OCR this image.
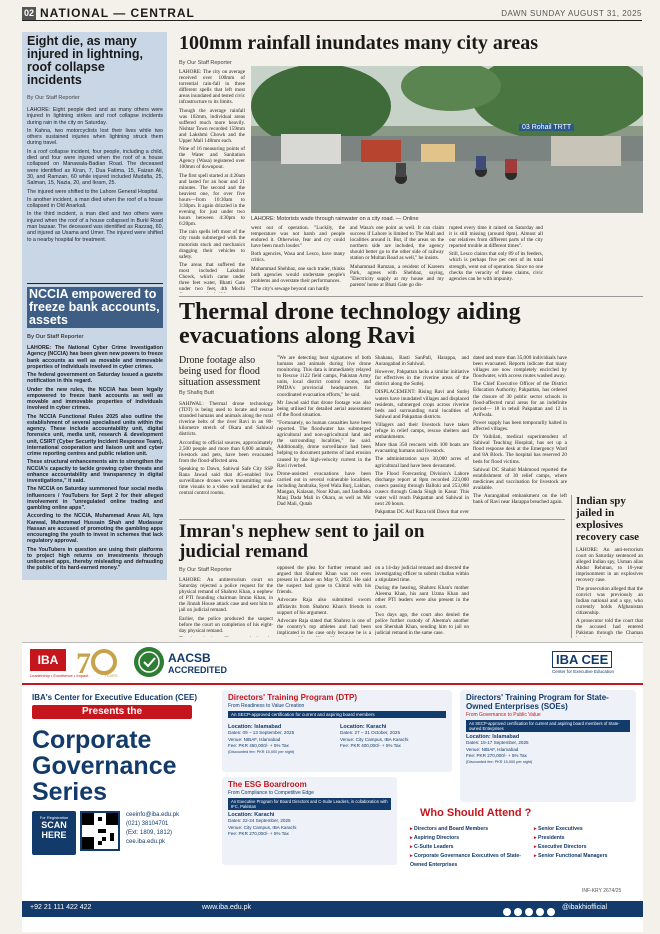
02 NATIONAL — CENTRAL	DAWN SUNDAY AUGUST 31, 2025
Eight die, as many injured in lightning, roof collapse incidents
By Our Staff Reporter

LAHORE: Eight people died and as many others were injured in lightning strikes and roof collapse incidents during rain in the city on Saturday.

In Kahna, two motorcyclists lost their lives while two others sustained injuries when lightning struck them during travel.

In a roof collapse incident, four people, including a child, died and four were injured when the roof of a house collapsed on Manawala-Badian Road. The deceased were identified as Kiran, 7, Dua Fatima, 15, Faizan Ali, 30, and Ramzan, 60 while injured included Mudafia, 25, Salman, 15, Nazia, 20, and Ikram, 25.

The injured were shifted to the Lahore General Hospital.

In another incident, a man died when the roof of a house collapsed in Old Anarkali.

In the third incident, a man died and two others were injured when the roof of a house collapsed in Burki Road man bazaar. The deceased was identified as Razzaq, 60, and injured as Usama and Umer. The injured were shifted to a nearby hospital for treatment.

NCCIA empowered to freeze bank accounts, assets
By Our Staff Reporter

LAHORE: The National Cyber Crime Investigation Agency (NCCIA) has been given new powers to freeze bank accounts as well as movable and immovable properties of individuals involved in cyber crimes.

The federal government on Saturday issued a gazette notification in this regard.

Under the new rules, the NCCIA has been legally empowered to freeze bank accounts as well as movable and immovable properties of individuals involved in cyber crimes.

The NCCIA Functional Rules 2025 also outline the establishment of several specialised units within the agency. These include accountability unit, digital forensics unit, media unit, research & development unit, CSIRT (Cyber Security Incident Response Team), international cooperation and liaison unit and cyber crime reporting centres and public relation unit.

These structural enhancements aim to strengthen the NCCIA's capacity to tackle growing cyber threats and enhance accountability and transparency in digital investigations," it said.

The NCCIA on Saturday summoned four social media influencers / YouTubers for Sept 2 for their alleged involvement in "unregulated online trading and gambling online apps".

According to the NCCIA, Muhammad Anas Ali, Iqra Kanwal, Muhammad Hussain Shah and Mudassar Hassan are accused of promoting the gambling apps encouraging the youth to invest in schemes that lack regulatory approval.

The YouTubers in question are using their platforms to project high returns on investments through unlicensed apps, thereby misleading and defrauding the public of its hard-earned money."

100mm rainfall inundates many city areas
By Our Staff Reporter

LAHORE: The city on average received over 100mm of torrential rain-fall in three different spells that left most areas inundated and tested civic infrastructure to its limits.

Though the average rainfall was 102mm, individual areas suffered much more heavily. Nishtar Town recorded 159mm and Lakshmi Chowk and the Upper Mall 148mm each.

Nine of 16 measuring points of the Water and Sanitation Agency (Wasa) registered over 100mm of downpour.

The first spell started at 4:20am and lasted for an hour and 21 minutes. The second and the heaviest one, for over five hours—from 10:30am to 3:30pm. It again drizzled in the evening for just under two hours between 4:30pm to 6:20pm.

The rain spells left most of the city roads submerged with the motorists stuck and mechanics dragging their vehicles to safety.

The areas that suffered the most included Lakshmi Chowk, which came under three feet water, Bhatti Gate under two feet, 4th Mochi

03 Rohail TRTT
LAHORE: Motorists wade through rainwater on a city road. — Online

went out of operation. "Luckily, the temperature was not harsh and people endured it. Otherwise, fear and cry could have been much louder."

Both agencies, Wasa and Lesco, have many critics.

Muhammad Shehbaz, one such trader, thinks both agencies would understate people's problems and overstate their performances.

"The city's sewage beyond can hardly

and Wasa's one point as well. It can claim success if Lahore is limited to The Mall and localities around it. But, if the areas on the northern side are included, the agency should better go to the other side of railway station or Multan Road as well," he insists.

Muhammad Ramzan, a resident of Kareem Park, agrees with Shehbaz, saying, "Electricity supply at my house and my parents' home at Bhati Gate go dis-

rupted every time it rained on Saturday and it is still missing (around 8pm). Almost all our relatives from different parts of the city reported trouble at different times".

Still, Lesco claims that only 89 of its feeders, which is perhaps five per cent of its total strength, went out of operation. Since no one checks the veracity of these claims, civic agencies can be with impunity.

Thermal drone technology aiding evacuations along Ravi
Drone footage also being used for flood situation assessment
By Shafiq Butt

SAHIWAL: Thermal drone technology (TDT) is being used to locate and rescue stranded humans and animals along the rural riverine belts of the river Ravi in an 80-kilometre stretch of Okara and Sahiwal districts.

According to official sources, approximately 2,500 people and more than 6,000 animals, livestock and pets, have been evacuated from the flood-affected area.

Speaking to Dawn, Sahiwal Safe City SSP Rana Jawad said that 4G-enabled live surveillance drones were transmitting real-time visuals to a video wall installed at the central control rooms.

"We are detecting heat signatures of both humans and animals during live drone monitoring. This data is immediately relayed to Rescue 1122 field camps, Pakistan Army units, local district control rooms, and PMDA's provincial headquarters for coordinated evacuation efforts," he said.

Mr Jawad said that drone footage was also being utilised for detailed aerial assessment of the flood situation.

"Fortunately, no human casualties have been reported. The floodwater has submerged agricultural and non-agricultural land and the surrounding localities," he said. Additionally, drone surveillance had been helping to document patterns of land erosion caused by the high-velocity current in the Ravi riverbed.

Drone-assisted evacuations have been carried out in several vulnerable localities, including Jandraka, Syed Wala Burj, Lakhan, Mangan, Kalasan, Noor Khan, and Jandhoka Mauj Dada Mali in Okara, as well as Mir Dad Mali, Qutab

Shahana, Basti SanPall, Harappa, and Aurangabad in Sahiwal.

However, Pakpattan lacks a similar initiative for effectives in the riverine areas of the district along the Sutlej.

DISPLACEMENT: Rising Ravi and Sutlej waters have inundated villages and displaced residents, submerged crops across riverine beds and surrounding rural localities of Sahiwal and Pakpattan districts.

Villagers and their livestock have taken refuge in relief camps, rescue shelters and embankments.

More than 350 rescuers with 100 boats are evacuating humans and livestock.

The administration says 30,000 acres of agricultural land have been devastated.

The Flood Forecasting Division's Lahore discharge report at 8pm recorded 223,000 cusecs passing through Balloki and 253,068 cusecs through Ganda Singh in Kasur. This water will reach Pakpattan and Sahiwal in next 20 hours.

Pakpattan DC Asif Raza told Dawn that over

dated and more than 35,000 individuals have been evacuated. Reports indicate that many villages are now completely encircled by floodwater, with access routes washed away.

The Chief Executive Officer of the District Education Authority, Pakpattan, has ordered the closure of 30 public sector schools in flood-affected rural areas for an indefinite period— 18 in tehsil Pakpattan and 12 in Arifwala.

Power supply has been temporarily halted in affected villages.

Dr Vaihilati, medical superintendent of Sahiwal Teaching Hospital, has set up a flood response desk at the Emergency Ward and 8A Block. The hospital has reserved 20 beds for flood victims.

Sahiwal DC Shahid Mahmood reported the establishment of 30 relief camps, where medicines and vaccination for livestock are available.

The Aurangabad embankment on the left bank of Ravi near Harappa breached again.

Imran's nephew sent to jail on judicial remand
By Our Staff Reporter

LAHORE: An antiterrorism court on Saturday rejected a police request for the physical remand of Shahrez Khan, a nephew of PTI founding chairman Imran Khan, in the Jinnah House attack case and sent him to jail on judicial remand.

Earlier, the police produced the suspect before the court on completion of his eight-day physical remand.

opposed the plea for further remand and argued that Shahrez Khan was not even present in Lahore on May 9, 2023. He said the suspect had gone to Chitral with his friends.

Advocate Raja also submitted sworn affidavits from Shahrez Khan's friends in support of his argument.

Advocate Raja stated that Shahrez is one of the country's top athletes and had been implicated in the case only because he is a

on a 14-day judicial remand and directed the investigating officer to submit challan within a stipulated time.

During the hearing, Shahrez Khan's mother Aleema Khan, his aunt Uzma Khan and other PTI leaders were also present in the court.

Two days ago, the court also denied the police further custody of Aleema's another son Shershah Khan, sending him to jail on judicial remand in the same case.

Indian spy jailed in explosives recovery case

LAHORE: An anti-terrorism court on Saturday sentenced an alleged Indian spy, Usman alias Abdur Rehman, to 10-year imprisonment in an explosives recovery case.

The prosecution alleged that the convict was previously an Indian national and a spy, who currently holds Afghanistan citizenship.

A prosecutor told the court that the accused had entered Pakistan through the Chaman

IBA
Leadership • Excellence • Impact
7	YEARS
AACSB
ACCREDITED
IBA CEE
Center for Executive Education
IBA's Center for Executive Education (CEE)
Presents the
Corporate
Governance
Series
For Registration
SCAN
HERE
ceeinfo@iba.edu.pk
(021) 38104701
(Ext: 1809, 1812)
cee.iba.edu.pk
Directors' Training Program (DTP)
From Readiness to Value Creation
An SECP-approved certification for current and aspiring board members
Location: Islamabad
Dates: 09 – 13 September, 2025
Venue: NIBAF, Islamabad
Fee: PKR 450,000/- + 5% Tax
(Discounted fee: PKR 15,000 per night)
Location: Karachi
Dates: 27 – 31 October, 2025
Venue: City Campus, IBA Karachi
Fee: PKR 400,000/- + 5% Tax
The ESG Boardroom
From Compliance to Competitive Edge
An Executive Program for Board Directors and C-Suite Leaders, in collaboration with IFC, Pakistan
Location: Karachi
Dates: 22-24 September, 2025
Venue: City Campus, IBA Karachi
Fee: PKR 270,000/- + 5% Tax
Directors' Training Program for State-Owned Enterprises (SOEs)
From Governance to Public Value
An SECP-approved certification for current and aspiring board members of State-owned Enterprises
Location: Islamabad
Dates: 15-17 September, 2025
Venue: NIBAF, Islamabad
Fee: PKR 270,000/- + 5% Tax
(Discounted fee: PKR 15,000 per night)
Who Should Attend ?
▸ Directors and Board Members
▸ Aspiring Directors
▸ C-Suite Leaders
▸ Corporate Governance Executives of State-Owned Enterprises
▸ Senior Executives
▸ Presidents
▸ Executive Directors
▸ Senior Functional Managers
+92 21 111 422 422	www.iba.edu.pk	@ibakhiofficial
INF-KRY 2674/25
